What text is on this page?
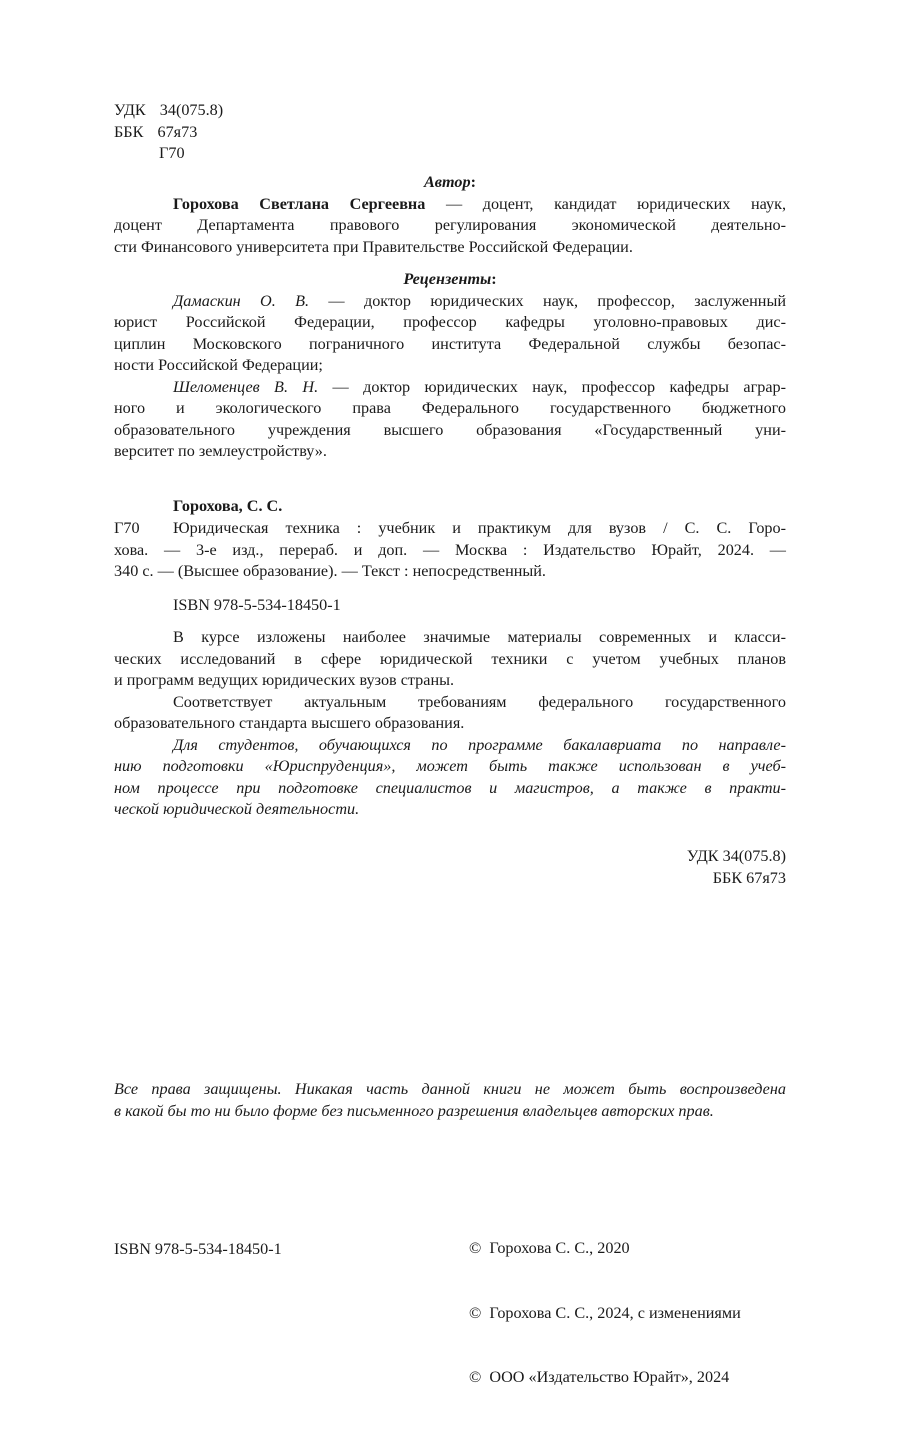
УДК 34(075.8)
ББК 67я73
Г70
Автор:
Горохова Светлана Сергеевна — доцент, кандидат юридических наук,
доцент Департамента правового регулирования экономической деятельно-
сти Финансового университета при Правительстве Российской Федерации.
Рецензенты:
Дамаскин О. В. — доктор юридических наук, профессор, заслуженный
юрист Российской Федерации, профессор кафедры уголовно-правовых дис-
циплин Московского пограничного института Федеральной службы безопас-
ности Российской Федерации;
Шеломенцев В. Н. — доктор юридических наук, профессор кафедры аграр-
ного и экологического права Федерального государственного бюджетного
образовательного учреждения высшего образования «Государственный уни-
верситет по землеустройству».
Горохова, С. С.
Г70	Юридическая техника : учебник и практикум для вузов / С. С. Горо-
хова. — 3-е изд., перераб. и доп. — Москва : Издательство Юрайт, 2024. —
340 с. — (Высшее образование). — Текст : непосредственный.
ISBN 978-5-534-18450-1
В курсе изложены наиболее значимые материалы современных и класси-
ческих исследований в сфере юридической техники с учетом учебных планов
и программ ведущих юридических вузов страны.
Соответствует актуальным требованиям федерального государственного
образовательного стандарта высшего образования.
Для студентов, обучающихся по программе бакалавриата по направле-
нию подготовки «Юриспруденция», может быть также использован в учеб-
ном процессе при подготовке специалистов и магистров, а также в практи-
ческой юридической деятельности.
УДК 34(075.8)
ББК 67я73
Все права защищены. Никакая часть данной книги не может быть воспроизведена
в какой бы то ни было форме без письменного разрешения владельцев авторских прав.
ISBN 978-5-534-18450-1

	©  Горохова С. С., 2020

©  Горохова С. С., 2024, с изменениями

©  ООО «Издательство Юрайт», 2024
